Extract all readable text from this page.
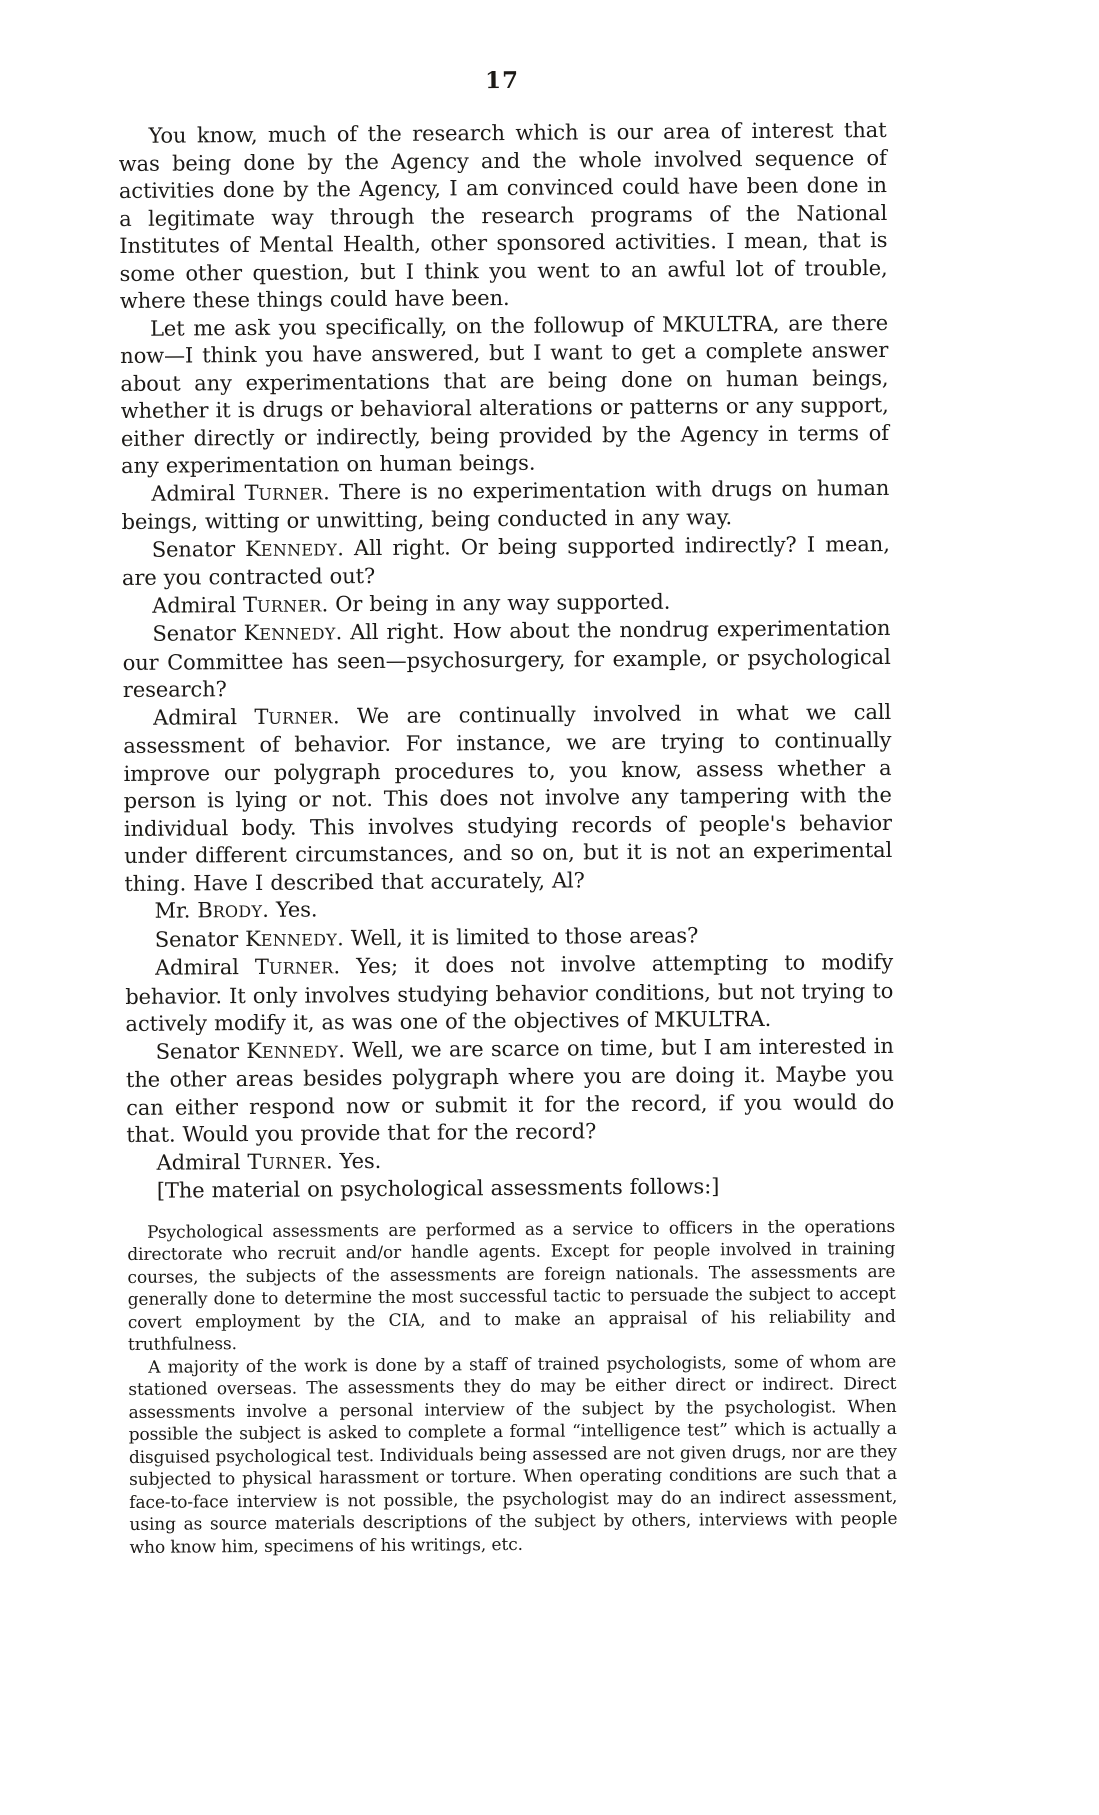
17

You know, much of the research which is our area of interest that was being done by the Agency and the whole involved sequence of activities done by the Agency, I am convinced could have been done in a legitimate way through the research programs of the National Institutes of Mental Health, other sponsored activities. I mean, that is some other question, but I think you went to an awful lot of trouble, where these things could have been.

Let me ask you specifically, on the followup of MKULTRA, are there now—I think you have answered, but I want to get a complete answer about any experimentations that are being done on human beings, whether it is drugs or behavioral alterations or patterns or any support, either directly or indirectly, being provided by the Agency in terms of any experimentation on human beings.

Admiral TURNER. There is no experimentation with drugs on human beings, witting or unwitting, being conducted in any way.

Senator KENNEDY. All right. Or being supported indirectly? I mean, are you contracted out?

Admiral TURNER. Or being in any way supported.

Senator KENNEDY. All right. How about the nondrug experimentation our Committee has seen—psychosurgery, for example, or psychological research?

Admiral TURNER. We are continually involved in what we call assessment of behavior. For instance, we are trying to continually improve our polygraph procedures to, you know, assess whether a person is lying or not. This does not involve any tampering with the individual body. This involves studying records of people's behavior under different circumstances, and so on, but it is not an experimental thing. Have I described that accurately, Al?

Mr. BRODY. Yes.

Senator KENNEDY. Well, it is limited to those areas?

Admiral TURNER. Yes; it does not involve attempting to modify behavior. It only involves studying behavior conditions, but not trying to actively modify it, as was one of the objectives of MKULTRA.

Senator KENNEDY. Well, we are scarce on time, but I am interested in the other areas besides polygraph where you are doing it. Maybe you can either respond now or submit it for the record, if you would do that. Would you provide that for the record?

Admiral TURNER. Yes.

[The material on psychological assessments follows:]

Psychological assessments are performed as a service to officers in the operations directorate who recruit and/or handle agents. Except for people involved in training courses, the subjects of the assessments are foreign nationals. The assessments are generally done to determine the most successful tactic to persuade the subject to accept covert employment by the CIA, and to make an appraisal of his reliability and truthfulness.

A majority of the work is done by a staff of trained psychologists, some of whom are stationed overseas. The assessments they do may be either direct or indirect. Direct assessments involve a personal interview of the subject by the psychologist. When possible the subject is asked to complete a formal “intelligence test” which is actually a disguised psychological test. Individuals being assessed are not given drugs, nor are they subjected to physical harassment or torture. When operating conditions are such that a face-to-face interview is not possible, the psychologist may do an indirect assessment, using as source materials descriptions of the subject by others, interviews with people who know him, specimens of his writings, etc.
